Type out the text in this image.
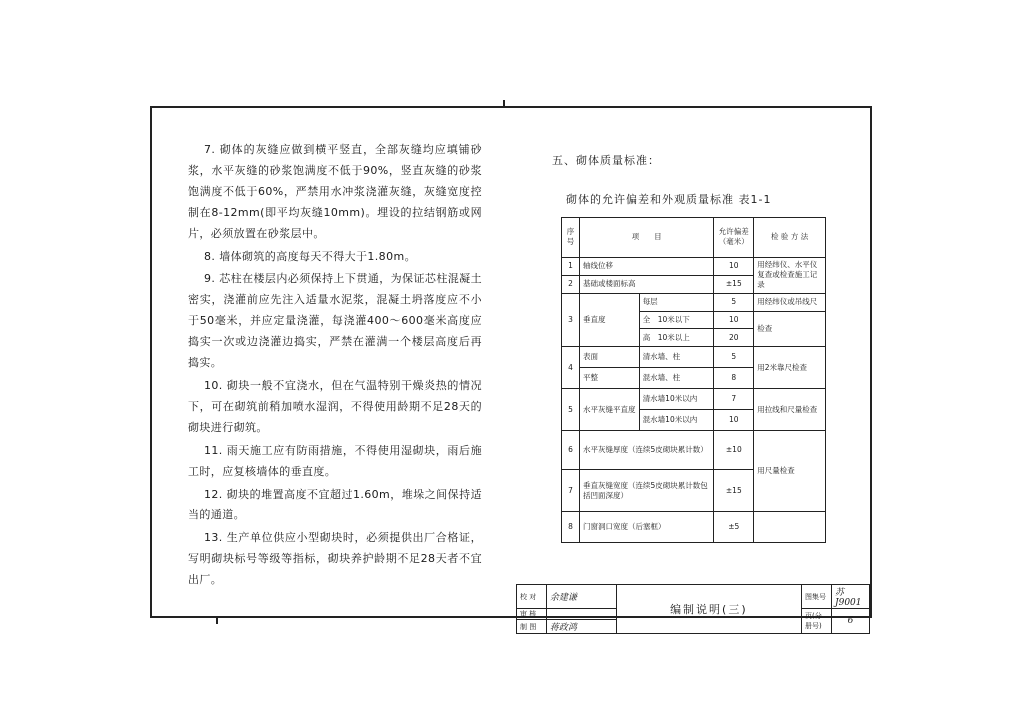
7. 砌体的灰缝应做到横平竖直，全部灰缝均应填铺砂浆，水平灰缝的砂浆饱满度不低于90%，竖直灰缝的砂浆饱满度不低于60%，严禁用水冲浆浇灌灰缝，灰缝宽度控制在8-12mm(即平均灰缝10mm)。埋设的拉结钢筋或网片，必须放置在砂浆层中。

8. 墙体砌筑的高度每天不得大于1.80m。

9. 芯柱在楼层内必须保持上下贯通，为保证芯柱混凝土密实，浇灌前应先注入适量水泥浆，混凝土坍落度应不小于50毫米，并应定量浇灌，每浇灌400～600毫米高度应捣实一次或边浇灌边捣实，严禁在灌满一个楼层高度后再捣实。

10. 砌块一般不宜浇水，但在气温特别干燥炎热的情况下，可在砌筑前稍加喷水湿润，不得使用龄期不足28天的砌块进行砌筑。

11. 雨天施工应有防雨措施，不得使用湿砌块，雨后施工时，应复核墙体的垂直度。

12. 砌块的堆置高度不宜超过1.60m，堆垛之间保持适当的通道。

13. 生产单位供应小型砌块时，必须提供出厂合格证，写明砌块标号等级等指标，砌块养护龄期不足28天者不宜出厂。

五、砌体质量标准：
砌体的允许偏差和外观质量标准 表1-1
序号	项　　目		允许偏差（毫米）	检 验 方 法
1	轴线位移		10	用经纬仪、水平仪复查或检查施工记录
2	基础或楼面标高		±15	
3	垂直度	每层	5	用经纬仪或吊线尺
		全　 10米以下	10	检查
		高　 10米以上	20	
4	表面	清水墙、柱	5	用2米靠尺检查
	平整	混水墙、柱	8	
5	水平灰缝平直度	清水墙10米以内	7	用拉线和尺量检查
		混水墙10米以内	10	
6	水平灰缝厚度（连续5皮砌块累计数）		±10	用尺量检查
7	垂直灰缝宽度（连续5皮砌块累计数包括凹面深度）		±15	
8	门窗洞口宽度（后塞框）		±5	
校 对	余建谦	编制说明(三)	图集号	苏J9001
审 核			页(分册号)	6
制 图	蒋政鸿			
